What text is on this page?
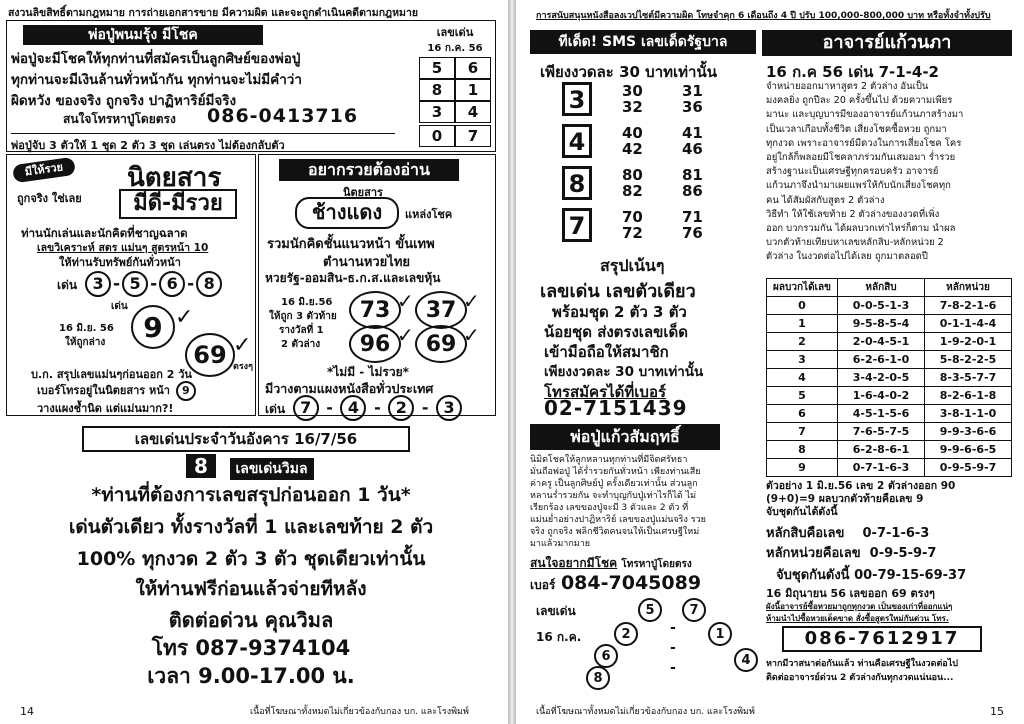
สงวนลิขสิทธิ์ตามกฎหมาย การถ่ายเอกสารขาย มีความผิด และจะถูกดำเนินคดีตามกฎหมาย
พ่อปู่พนมรุ้ง มีโชค
พ่อปู่จะมีโชคให้ทุกท่านที่สมัครเป็นลูกศิษย์ของพ่อปู่
ทุกท่านจะมีเงินล้านทั่วหน้ากัน ทุกท่านจะไม่มีคำว่า
ผิดหวัง ของจริง ถูกจริง ปาฏิหาริย์มีจริง
สนใจโทรหาปู่โดยตรง 086-0413716
พ่อปู่จับ 3 ตัวให้ 1 ชุด 2 ตัว 3 ชุด เล่นตรง ไม่ต้องกลับตัว
เลขเด่น
16 ก.ค. 56
5	6
8	1
3	4
0	7
มีให้รวย	นิตยสาร
ถูกจริง ใช่เลย	มีดี-มีรวย
ท่านนักเล่นและนักคิดที่ชาญฉลาด
เลขวิเคราะห์ สตร แม่นๆ สูตรหน้า 10
ให้ท่านรับทรัพย์กันทั่วหน้า
เด่น 3 - 5 - 6 - 8
เด่น
9 ✓
16 มิ.ย. 56
ให้ถูกล่าง	69 ✓
ตรงๆ
บ.ก. สรุปเลขแม่นๆก่อนออก 2 วัน
เบอร์โทรอยู่ในนิตยสาร หน้า 9
วางแผงช้ำนิด แต่แม่นมาก?!
อยากรวยต้องอ่าน
นิตยสาร
ช้างแดง	แหล่งโชค
รวมนักคิดชั้นแนวหน้า ขั้นเทพ
ตำนานหวยไทย
หวยรัฐ-ออมสิน-ธ.ก.ส.และเลขหุ้น
16 มิ.ย.56
ให้ถูก 3 ตัวท้าย
รางวัลที่ 1
2 ตัวล่าง
73 ✓ 37 ✓
96 ✓ 69 ✓
*ไม่มี - ไม่รวย*
มีวางตามแผงหนังสือทั่วประเทศ
เด่น 7 - 4 - 2 - 3
เลขเด่นประจำวันอังคาร 16/7/56
8 เลขเด่นวิมล
*ท่านที่ต้องการเลขสรุปก่อนออก 1 วัน*
เด่นตัวเดียว ทั้งรางวัลที่ 1 และเลขท้าย 2 ตัว
100% ทุกงวด 2 ตัว 3 ตัว ชุดเดียวเท่านั้น
ให้ท่านฟรีก่อนแล้วจ่ายทีหลัง
ติดต่อด่วน คุณวิมล
โทร 087-9374104
เวลา 9.00-17.00 น.
14	เนื้อที่โฆษณาทั้งหมดไม่เกี่ยวข้องกับกอง บก. และโรงพิมพ์
การสนับสนุนหนังสือลงเวปไซต์มีความผิด โทษจำคุก 6 เดือนถึง 4 ปี ปรับ 100,000-800,000 บาท หรือทั้งจำทั้งปรับ
ทีเด็ด! SMS เลขเด็ดรัฐบาล
เพียงงวดละ 30 บาทเท่านั้น
3	30	31
32	36
4	40	41
42	46
8	80	81
82	86
7	70	71
72	76
สรุปเน้นๆ
เลขเด่น เลขตัวเดียว
พร้อมชุด 2 ตัว 3 ตัว
น้อยชุด ส่งตรงเลขเด็ด
เข้ามือถือให้สมาชิก
เพียงงวดละ 30 บาทเท่านั้น
โทรสมัครได้ที่เบอร์
02-7151439
พ่อปู่แก้วสัมฤทธิ์
นิมิตโชคให้ลูกหลานทุกท่านที่มีจิตศรัทธา
มั่นถือพ่อปู่ ได้ร่ำรวยกันทั่วหน้า เพียงท่านเสีย
ค่าครู เป็นลูกศิษย์ปู่ ครั้งเดียวเท่านั้น ส่วนลูก
หลานร่ำรวยกัน จะทำบุญกับปู่เท่าไรก็ได้ ไม่
เรียกร้อง เลขของปู่จะมี 3 ตัวและ 2 ตัว ที่
แม่นย่ำอย่างปาฏิหาริย์ เลขของปู่แม่นจริง รวย
จริง ถูกจริง พลิกชีวิตคนจนให้เป็นเศรษฐีใหม่
มาแล้วมากมาย
สนใจอยากมีโชค โทรหาปู่โดยตรง
เบอร์ 084-7045089
เลขเด่น
16 ก.ค.
5	7
2	1
6	4
8
-
-
-
อาจารย์แก้วนภา
16 ก.ค 56 เด่น 7-1-4-2
จำหน่ายออกมาหาสูตร 2 ตัวล่าง อันเป็น
มงคลยิ่ง ถูกปีละ 20 ครั้งขึ้นไป ด้วยความเพียร
มานะ และบุญบารมีของอาจารย์แก้วนภาสร้างมา
เป็นเวลาเกือบทั้งชีวิต เสี่ยงโชคซื้อหวย ถูกมา
ทุกงวด เพราะอาจารย์มีดวงในการเสี่ยงโชค โคร
อยู่ใกล้ก็พลอยมีโชคลาภร่วมกันเสมอมา ร่ำรวย
สร้างฐานะเป็นเศรษฐีทุกครอบครัว อาจารย์
แก้วนภาจึงนำมาเผยแพร่ให้กับนักเสี่ยงโชคทุก
คน ได้สัมผัสกับสูตร 2 ตัวล่าง
วิธีทำ ให้ใช้เลขท้าย 2 ตัวล่างของงวดที่เพิ่ง
ออก บวกรวมกัน ได้ผลบวกเท่าไหร่ก็ตาม นำผล
บวกตัวท้ายเทียบหาเลขหลักสิบ-หลักหน่วย 2
ตัวล่าง ในงวดต่อไปได้เลย ถูกมาตลอดปี
ผลบวกได้เลข	หลักสิบ	หลักหน่วย
0	0-0-5-1-3	7-8-2-1-6
1	9-5-8-5-4	0-1-1-4-4
2	2-0-4-5-1	1-9-2-0-1
3	6-2-6-1-0	5-8-2-2-5
4	3-4-2-0-5	8-3-5-7-7
5	1-6-4-0-2	8-2-6-1-8
6	4-5-1-5-6	3-8-1-1-0
7	7-6-5-7-5	9-9-3-6-6
8	6-2-8-6-1	9-9-6-6-5
9	0-7-1-6-3	0-9-5-9-7
ตัวอย่าง 1 มิ.ย.56 เลข 2 ตัวล่างออก 90
(9+0)=9 ผลบวกตัวท้ายคือเลข 9
จับชุดกันได้ดังนี้
หลักสิบคือเลข 0-7-1-6-3
หลักหน่วยคือเลข 0-9-5-9-7
จับชุดกันดังนี้ 00-79-15-69-37
16 มิถุนายน 56 เลขออก 69 ตรงๆ
ผังนี้อาจารย์ซื้อหวยมาถูกทุกงวด เป็นของเก่าที่ออกแน่ๆ
ห้ามนำไปซื้อหวยเด็ดขาด สั่งซื้อสูตรใหม่กันด่วน โทร.
086-7612917
หากมีวาสนาต่อกันแล้ว ท่านคือเศรษฐีในงวดต่อไป
ติดต่ออาจารย์ด่วน 2 ตัวล่างกันทุกงวดแน่นอน...
เนื้อที่โฆษณาทั้งหมดไม่เกี่ยวข้องกับกอง บก. และโรงพิมพ์	15
